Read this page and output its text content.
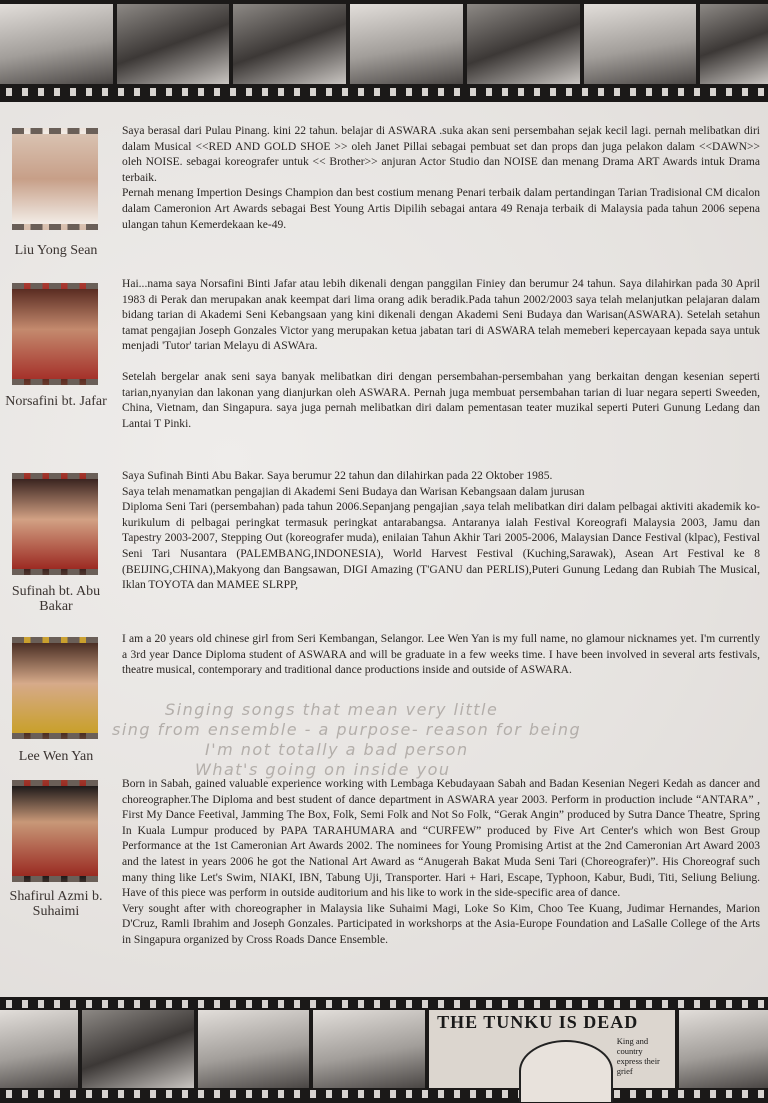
Liu Yong Sean

Saya berasal dari Pulau Pinang. kini 22 tahun. belajar di ASWARA .suka akan seni persembahan sejak kecil lagi. pernah melibatkan diri dalam Musical <<RED AND GOLD SHOE >> oleh Janet Pillai sebagai pembuat set dan props dan juga pelakon dalam <<DAWN>> oleh NOISE. sebagai koreografer untuk << Brother>> anjuran Actor Studio dan NOISE dan menang Drama ART Awards intuk Drama terbaik.

Pernah menang Impertion Desings Champion dan best costium menang Penari terbaik dalam pertandingan Tarian Tradisional CM dicalon dalam Cameronion Art Awards sebagai Best Young Artis Dipilih sebagai antara 49 Renaja terbaik di Malaysia pada tahun 2006 sepena ulangan tahun Kemerdekaan ke-49.

Norsafini bt. Jafar

Hai...nama saya Norsafini Binti Jafar atau lebih dikenali dengan panggilan Finiey dan berumur 24 tahun. Saya dilahirkan pada 30 April 1983 di Perak dan merupakan anak keempat dari lima orang adik beradik.Pada tahun 2002/2003 saya telah melanjutkan pelajaran dalam bidang tarian di Akademi Seni Kebangsaan yang kini dikenali dengan Akademi Seni Budaya dan Warisan(ASWARA). Setelah setahun tamat pengajian Joseph Gonzales Victor yang merupakan ketua jabatan tari di ASWARA telah memeberi kepercayaan kepada saya untuk menjadi 'Tutor' tarian Melayu di ASWAra.

Setelah bergelar anak seni saya banyak melibatkan diri dengan persembahan-persembahan yang berkaitan dengan kesenian seperti tarian,nyanyian dan lakonan yang dianjurkan oleh ASWARA. Pernah juga membuat persembahan tarian di luar negara seperti Sweeden, China, Vietnam, dan Singapura. saya juga pernah melibatkan diri dalam pementasan teater muzikal seperti Puteri Gunung Ledang dan Lantai T Pinki.

Sufinah bt. Abu Bakar

Saya Sufinah Binti Abu Bakar. Saya berumur 22 tahun dan dilahirkan pada 22 Oktober 1985.

Saya telah menamatkan pengajian di Akademi Seni Budaya dan Warisan Kebangsaan dalam jurusan

Diploma Seni Tari (persembahan) pada tahun 2006.Sepanjang pengajian ,saya telah melibatkan diri dalam pelbagai aktiviti akademik ko-kurikulum di pelbagai peringkat termasuk peringkat antarabangsa. Antaranya ialah Festival Koreografi Malaysia 2003, Jamu dan Tapestry 2003-2007, Stepping Out (koreografer muda), enilaian Tahun Akhir Tari 2005-2006, Malaysian Dance Festival (klpac), Festival Seni Tari Nusantara (PALEMBANG,INDONESIA), World Harvest Festival (Kuching,Sarawak), Asean Art Festival ke 8 (BEIJING,CHINA),Makyong dan Bangsawan, DIGI Amazing (T'GANU dan PERLIS),Puteri Gunung Ledang dan Rubiah The Musical, Iklan TOYOTA dan MAMEE SLRPP,

Lee Wen Yan

I am a 20 years old chinese girl from Seri Kembangan, Selangor. Lee Wen Yan is my full name, no glamour nicknames yet. I'm currently a 3rd year Dance Diploma student of ASWARA and will be graduate in a few weeks time. I have been involved in several arts festivals, theatre musical, contemporary and traditional dance productions inside and outside of ASWARA.

Singing songs that mean very little
sing from ensemble - a purpose- reason for being
I'm not totally a bad person
What's going on inside you
Shafirul Azmi b. Suhaimi

Born in Sabah, gained valuable experience working with Lembaga Kebudayaan Sabah and Badan Kesenian Negeri Kedah as dancer and choreographer.The Diploma and best student of dance department in ASWARA year 2003. Perform in production include “ANTARA” , First My Dance Feetival, Jamming The Box, Folk, Semi Folk and Not So Folk, “Gerak Angin” produced by Sutra Dance Theatre, Spring In Kuala Lumpur produced by PAPA TARAHUMARA and “CURFEW” produced by Five Art Center's which won Best Group Performance at the 1st Cameronian Art Awards 2002. The nominees for Young Promising Artist at the 2nd Cameronian Art Award 2003 and the latest in years 2006 he got the National Art Award as “Anugerah Bakat Muda Seni Tari (Choreografer)”. His Choreograf such many thing like Let's Swim, NIAKI, IBN, Tabung Uji, Transporter. Hari + Hari, Escape, Typhoon, Kabur, Budi, Titi, Seliung Beliung. Have of this piece was perform in outside auditorium and his like to work in the side-specific area of dance.

Very sought after with choreographer in Malaysia like Suhaimi Magi, Loke So Kim, Choo Tee Kuang, Judimar Hernandes, Marion D'Cruz, Ramli Ibrahim and Joseph Gonzales. Participated in workshorps at the Asia-Europe Foundation and LaSalle College of the Arts in Singapura organized by Cross Roads Dance Ensemble.

THE TUNKU IS DEAD
King and country express their grief
